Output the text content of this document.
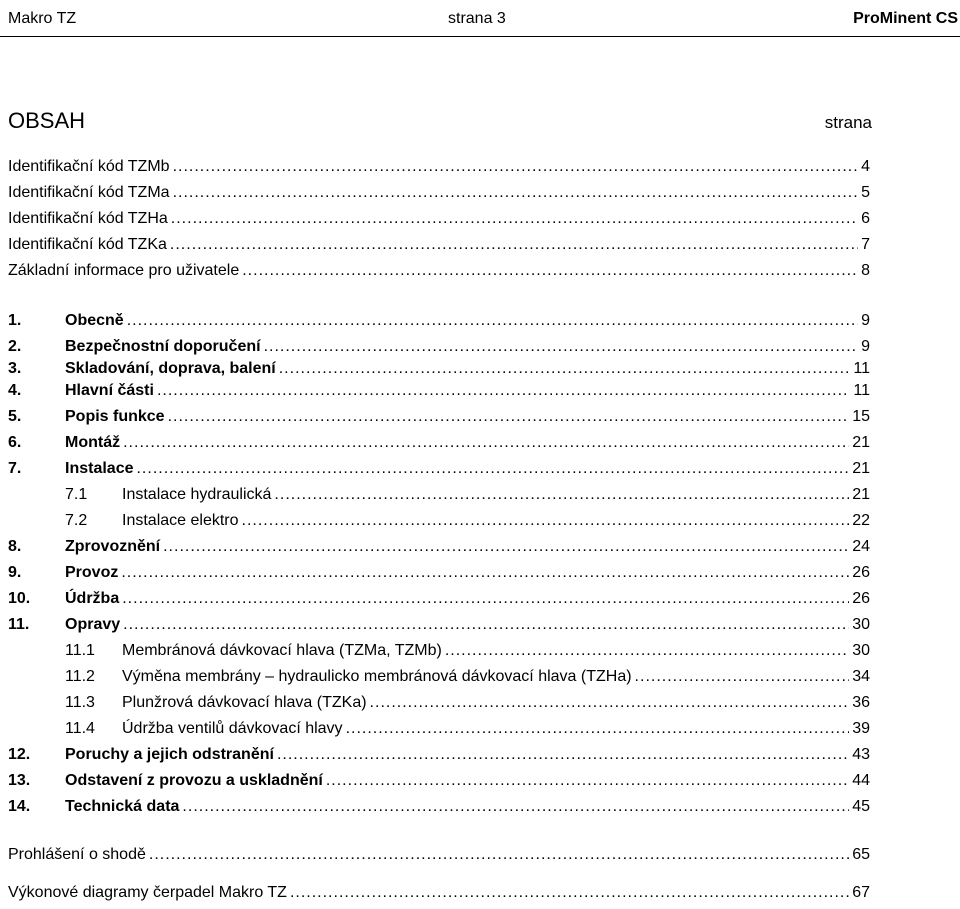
Makro TZ	strana 3	ProMinent CS
OBSAH	strana
Identifikační kód TZMb .....	4
Identifikační kód TZMa .....	5
Identifikační kód TZHa .....	6
Identifikační kód TZKa .....	7
Základní informace pro uživatele .....	8
1.	Obecně .....	9
2.	Bezpečnostní doporučení .....	9
3.	Skladování, doprava, balení .....	11
4.	Hlavní části .....	11
5.	Popis funkce .....	15
6.	Montáž .....	21
7.	Instalace .....	21
7.1	Instalace hydraulická .....	21
7.2	Instalace elektro .....	22
8.	Zprovoznění .....	24
9.	Provoz .....	26
10.	Údržba .....	26
11.	Opravy .....	30
11.1	Membránová dávkovací hlava (TZMa, TZMb) .....	30
11.2	Výměna membrány – hydraulicko membránová dávkovací hlava (TZHa) .....	34
11.3	Plunžrová dávkovací hlava (TZKa) .....	36
11.4	Údržba ventilů dávkovací hlavy .....	39
12.	Poruchy a jejich odstranění .....	43
13.	Odstavení z provozu a uskladnění .....	44
14.	Technická data .....	45
Prohlášení o shodě .....	65
Výkonové diagramy čerpadel Makro TZ .....	67
